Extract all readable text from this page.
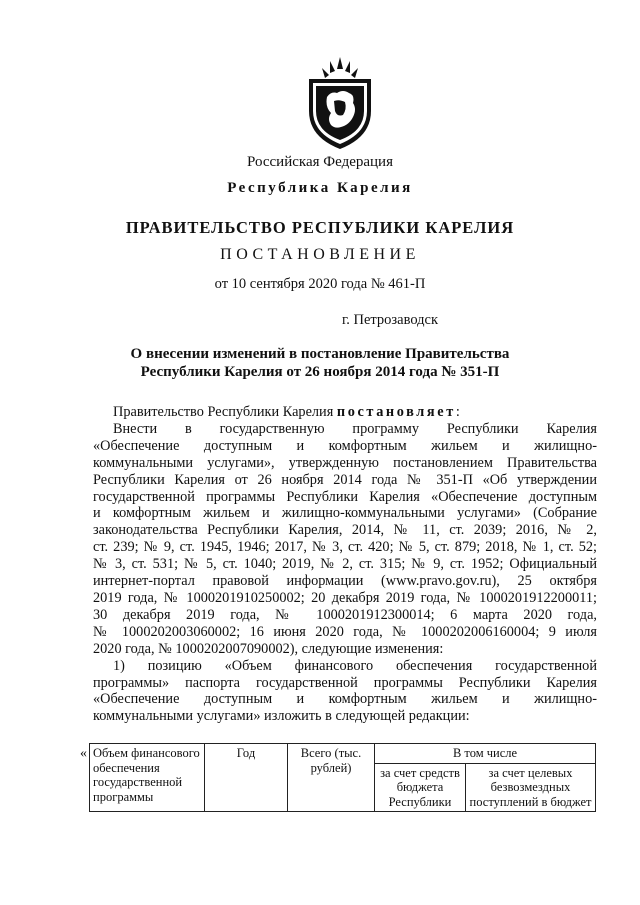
Российская Федерация
Республика Карелия
ПРАВИТЕЛЬСТВО РЕСПУБЛИКИ КАРЕЛИЯ
ПОСТАНОВЛЕНИЕ
от 10 сентября 2020 года № 461-П
г. Петрозаводск
О внесении изменений в постановление Правительства
Республики Карелия от 26 ноября 2014 года № 351-П

Правительство Республики Карелия постановляет:

Внести в государственную программу Республики Карелия
«Обеспечение доступным и комфортным жильем и жилищно-
коммунальными услугами», утвержденную постановлением Правительства
Республики Карелия от 26 ноября 2014 года № 351-П «Об утверждении
государственной программы Республики Карелия «Обеспечение доступным
и комфортным жильем и жилищно-коммунальными услугами» (Собрание
законодательства Республики Карелия, 2014, № 11, ст. 2039; 2016, № 2,
ст. 239; № 9, ст. 1945, 1946; 2017, № 3, ст. 420; № 5, ст. 879; 2018, № 1, ст. 52;
№ 3, ст. 531; № 5, ст. 1040; 2019, № 2, ст. 315; № 9, ст. 1952; Официальный
интернет-портал правовой информации (www.pravo.gov.ru), 25 октября
2019 года, № 1000201910250002; 20 декабря 2019 года, № 1000201912200011;
30 декабря 2019 года, № 1000201912300014; 6 марта 2020 года,
№ 1000202003060002; 16 июня 2020 года, № 1000202006160004; 9 июля
2020 года, № 1000202007090002), следующие изменения:
1) позицию «Объем финансового обеспечения государственной
программы» паспорта государственной программы Республики Карелия
«Обеспечение доступным и комфортным жильем и жилищно-
коммунальными услугами» изложить в следующей редакции:
« Объем финансового обеспечения государственной программы	Год	Всего (тыс. рублей)	В том числе	
			за счет средств бюджета Республики	за счет целевых безвозмездных поступлений в бюджет
